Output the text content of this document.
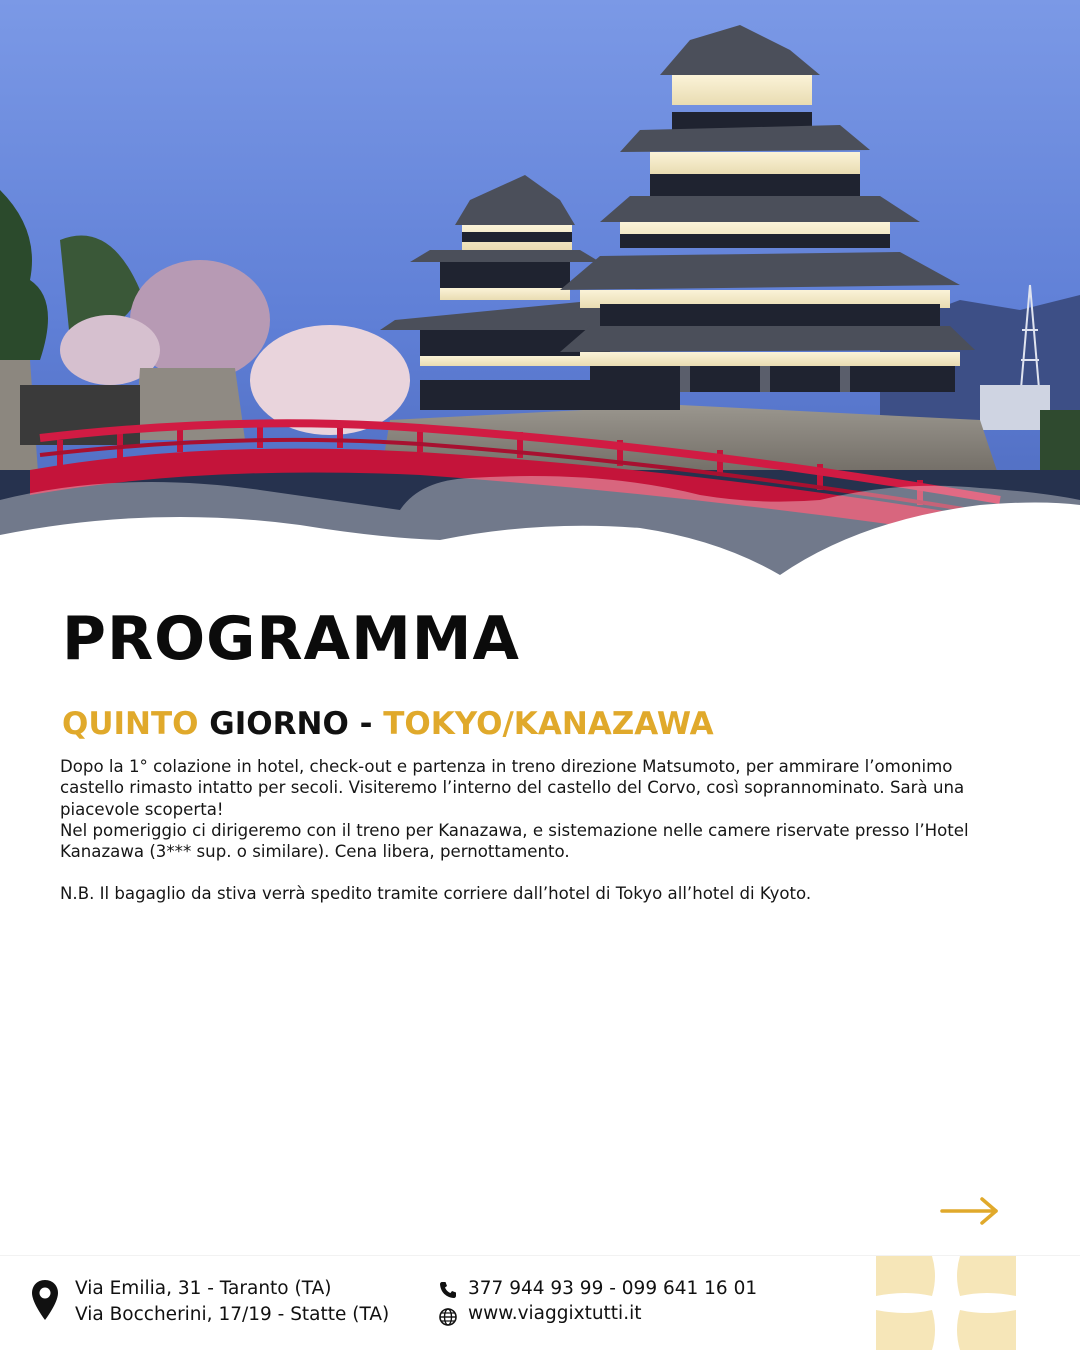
PROGRAMMA
QUINTO GIORNO - TOKYO/KANAZAWA

Dopo la 1° colazione in hotel, check-out e partenza in treno direzione Matsumoto, per ammirare l’omonimo castello rimasto intatto per secoli. Visiteremo l’interno del castello del Corvo, così soprannominato. Sarà una piacevole scoperta!

Nel pomeriggio ci dirigeremo con il treno per Kanazawa, e sistemazione nelle camere riservate presso l’Hotel Kanazawa (3*** sup. o similare). Cena libera, pernottamento.

N.B. Il bagaglio da stiva verrà spedito tramite corriere dall’hotel di Tokyo all’hotel di Kyoto.

Via Emilia, 31 - Taranto (TA)
Via Boccherini, 17/19 - Statte (TA)
377 944 93 99 - 099 641 16 01
www.viaggixtutti.it
